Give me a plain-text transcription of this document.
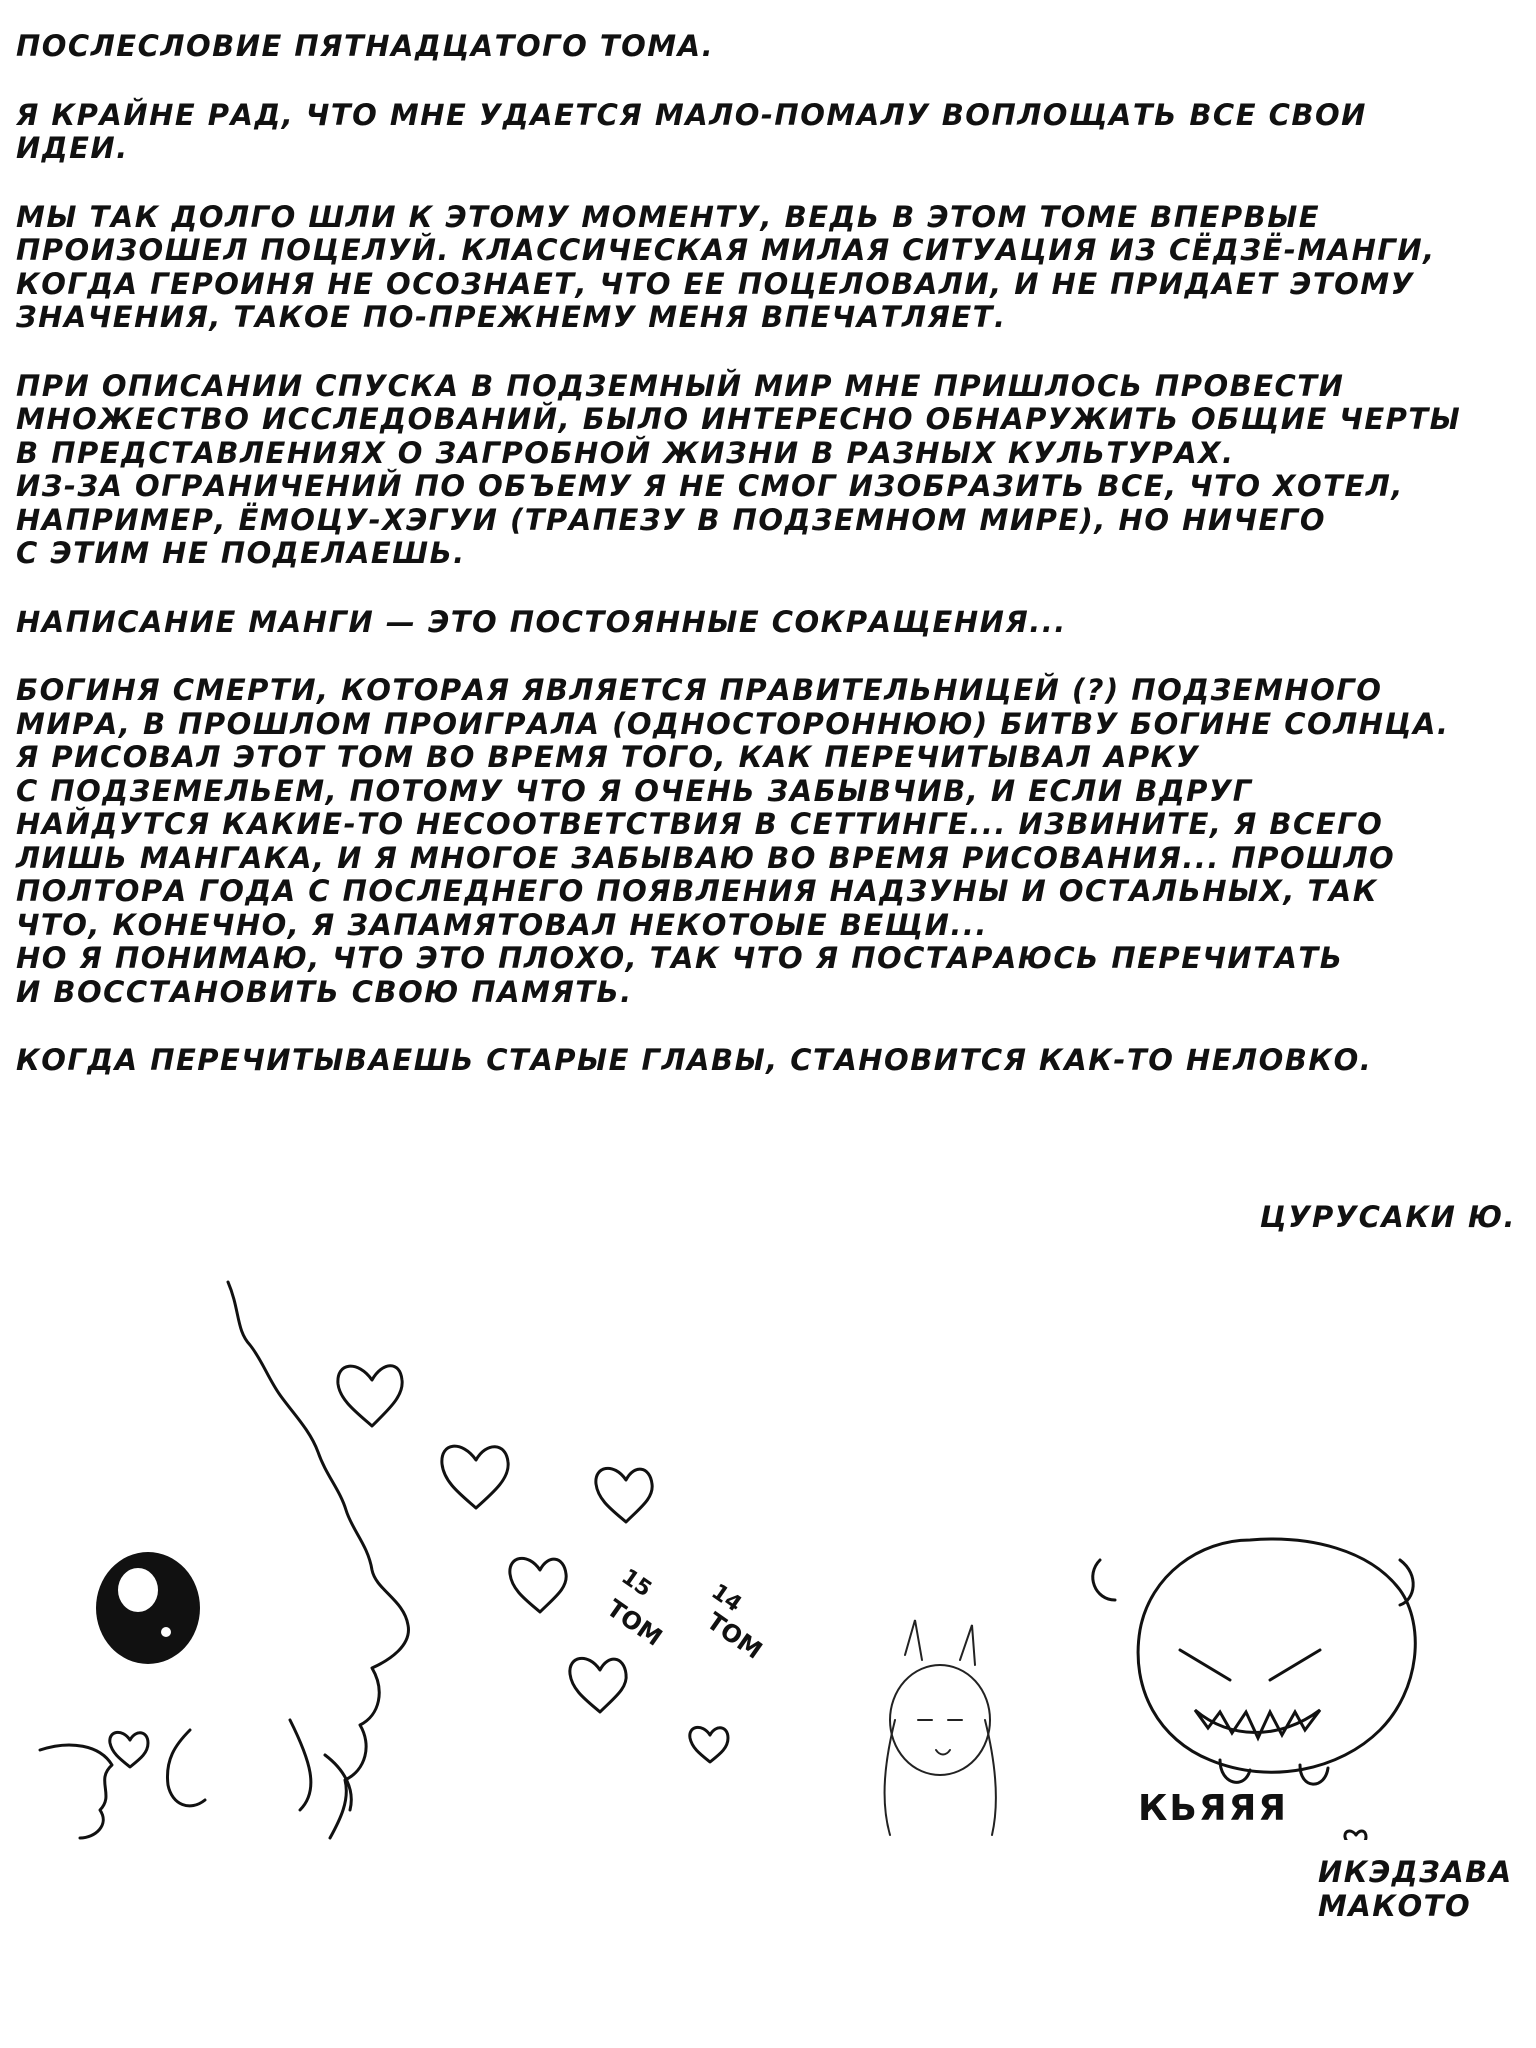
ПОСЛЕСЛОВИЕ ПЯТНАДЦАТОГО ТОМА.
Я КРАЙНЕ РАД, ЧТО МНЕ УДАЕТСЯ МАЛО-ПОМАЛУ ВОПЛОЩАТЬ ВСЕ СВОИ
ИДЕИ.
МЫ ТАК ДОЛГО ШЛИ К ЭТОМУ МОМЕНТУ, ВЕДЬ В ЭТОМ ТОМЕ ВПЕРВЫЕ
ПРОИЗОШЕЛ ПОЦЕЛУЙ. КЛАССИЧЕСКАЯ МИЛАЯ СИТУАЦИЯ ИЗ СЁДЗЁ-МАНГИ,
КОГДА ГЕРОИНЯ НЕ ОСОЗНАЕТ, ЧТО ЕЕ ПОЦЕЛОВАЛИ, И НЕ ПРИДАЕТ ЭТОМУ
ЗНАЧЕНИЯ, ТАКОЕ ПО-ПРЕЖНЕМУ МЕНЯ ВПЕЧАТЛЯЕТ.
ПРИ ОПИСАНИИ СПУСКА В ПОДЗЕМНЫЙ МИР МНЕ ПРИШЛОСЬ ПРОВЕСТИ
МНОЖЕСТВО ИССЛЕДОВАНИЙ, БЫЛО ИНТЕРЕСНО ОБНАРУЖИТЬ ОБЩИЕ ЧЕРТЫ
В ПРЕДСТАВЛЕНИЯХ О ЗАГРОБНОЙ ЖИЗНИ В РАЗНЫХ КУЛЬТУРАХ.
ИЗ-ЗА ОГРАНИЧЕНИЙ ПО ОБЪЕМУ Я НЕ СМОГ ИЗОБРАЗИТЬ ВСЕ, ЧТО ХОТЕЛ,
НАПРИМЕР, ЁМОЦУ-ХЭГУИ (ТРАПЕЗУ В ПОДЗЕМНОМ МИРЕ), НО НИЧЕГО
С ЭТИМ НЕ ПОДЕЛАЕШЬ.
НАПИСАНИЕ МАНГИ — ЭТО ПОСТОЯННЫЕ СОКРАЩЕНИЯ...
БОГИНЯ СМЕРТИ, КОТОРАЯ ЯВЛЯЕТСЯ ПРАВИТЕЛЬНИЦЕЙ (?) ПОДЗЕМНОГО
МИРА, В ПРОШЛОМ ПРОИГРАЛА (ОДНОСТОРОННЮЮ) БИТВУ БОГИНЕ СОЛНЦА.
Я РИСОВАЛ ЭТОТ ТОМ ВО ВРЕМЯ ТОГО, КАК ПЕРЕЧИТЫВАЛ АРКУ
С ПОДЗЕМЕЛЬЕМ, ПОТОМУ ЧТО Я ОЧЕНЬ ЗАБЫВЧИВ, И ЕСЛИ ВДРУГ
НАЙДУТСЯ КАКИЕ-ТО НЕСООТВЕТСТВИЯ В СЕТТИНГЕ... ИЗВИНИТЕ, Я ВСЕГО
ЛИШЬ МАНГАКА, И Я МНОГОЕ ЗАБЫВАЮ ВО ВРЕМЯ РИСОВАНИЯ... ПРОШЛО
ПОЛТОРА ГОДА С ПОСЛЕДНЕГО ПОЯВЛЕНИЯ НАДЗУНЫ И ОСТАЛЬНЫХ, ТАК
ЧТО, КОНЕЧНО, Я ЗАПАМЯТОВАЛ НЕКОТОЫЕ ВЕЩИ...
НО Я ПОНИМАЮ, ЧТО ЭТО ПЛОХО, ТАК ЧТО Я ПОСТАРАЮСЬ ПЕРЕЧИТАТЬ
И ВОССТАНОВИТЬ СВОЮ ПАМЯТЬ.
КОГДА ПЕРЕЧИТЫВАЕШЬ СТАРЫЕ ГЛАВЫ, СТАНОВИТСЯ КАК-ТО НЕЛОВКО.
ЦУРУСАКИ Ю.
15
ТОМ 14
ТОМ
КЬЯЯЯ
ИКЭДЗАВА
МАКОТО
